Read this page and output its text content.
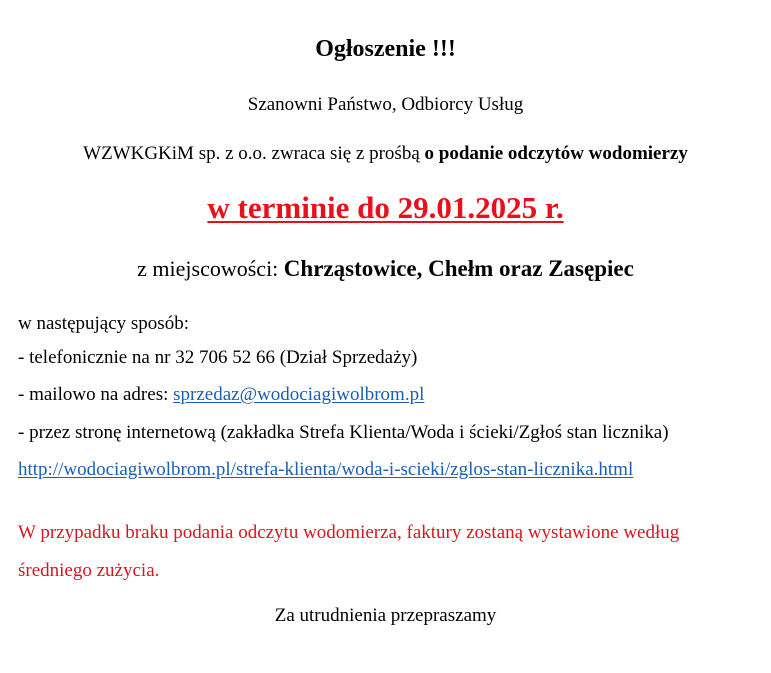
Ogłoszenie !!!
Szanowni Państwo, Odbiorcy Usług
WZWKGKiM sp. z o.o. zwraca się z prośbą o podanie odczytów wodomierzy
w terminie do 29.01.2025 r.
z miejscowości: Chrząstowice, Chełm oraz Zasępiec
w następujący sposób:
- telefonicznie na nr 32 706 52 66 (Dział Sprzedaży)
- mailowo na adres: sprzedaz@wodociagiwolbrom.pl
- przez stronę internetową (zakładka Strefa Klienta/Woda i ścieki/Zgłoś stan licznika)
http://wodociagiwolbrom.pl/strefa-klienta/woda-i-scieki/zglos-stan-licznika.html
W przypadku braku podania odczytu wodomierza, faktury zostaną wystawione według
średniego zużycia.
Za utrudnienia przepraszamy
